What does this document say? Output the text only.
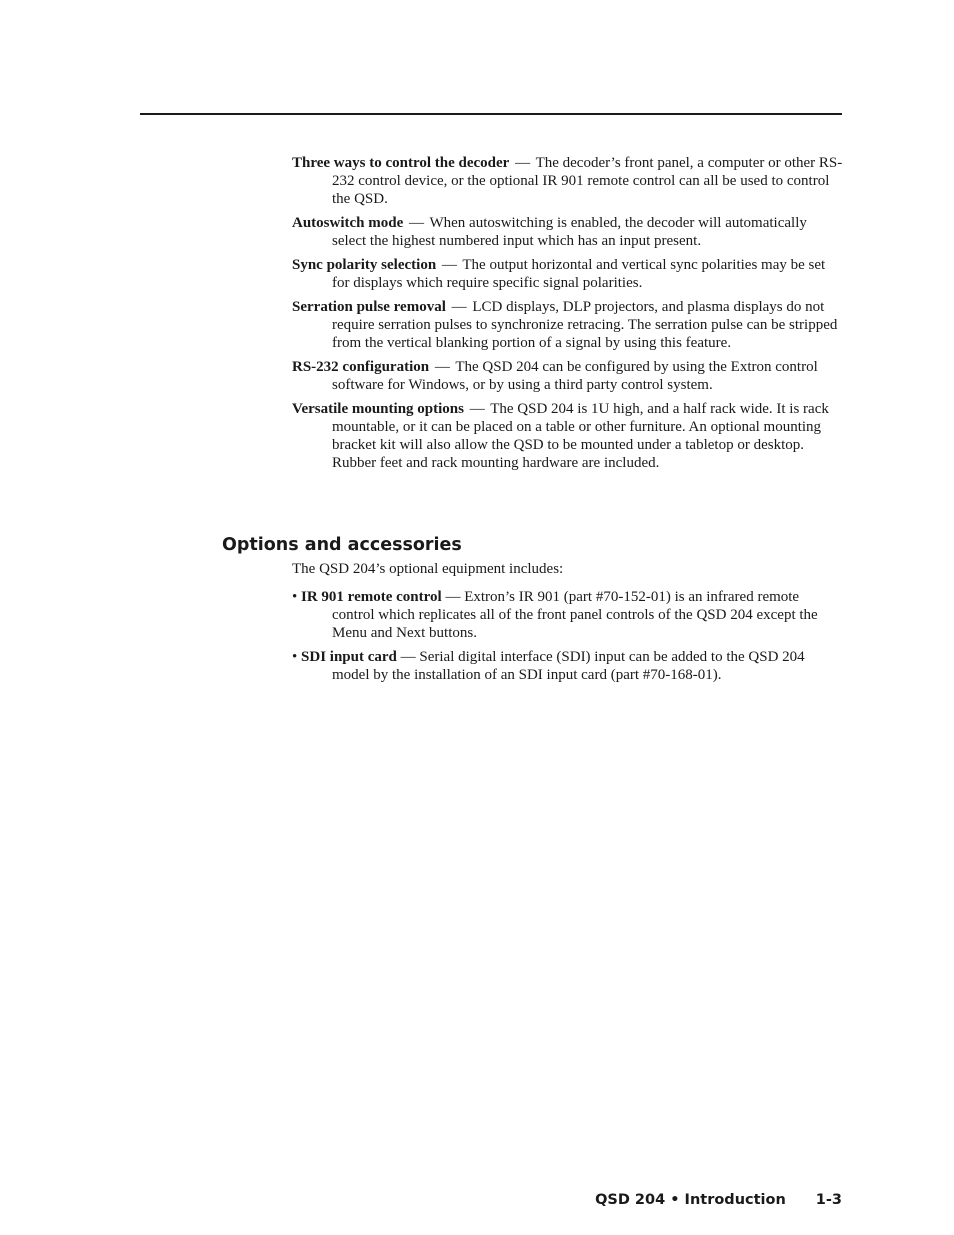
Three ways to control the decoder — The decoder’s front panel, a computer or other RS-232 control device, or the optional IR 901 remote control can all be used to control the QSD.

Autoswitch mode — When autoswitching is enabled, the decoder will automatically select the highest numbered input which has an input present.

Sync polarity selection — The output horizontal and vertical sync polarities may be set for displays which require specific signal polarities.

Serration pulse removal — LCD displays, DLP projectors, and plasma displays do not require serration pulses to synchronize retracing. The serration pulse can be stripped from the vertical blanking portion of a signal by using this feature.

RS-232 configuration — The QSD 204 can be configured by using the Extron control software for Windows, or by using a third party control system.

Versatile mounting options — The QSD 204 is 1U high, and a half rack wide. It is rack mountable, or it can be placed on a table or other furniture. An optional mounting bracket kit will also allow the QSD to be mounted under a tabletop or desktop. Rubber feet and rack mounting hardware are included.

Options and accessories

The QSD 204’s optional equipment includes:

• IR 901 remote control — Extron’s IR 901 (part #70-152-01) is an infrared remote control which replicates all of the front panel controls of the QSD 204 except the Menu and Next buttons.

• SDI input card — Serial digital interface (SDI) input can be added to the QSD 204 model by the installation of an SDI input card (part #70-168-01).

QSD 204 • Introduction 1-3
